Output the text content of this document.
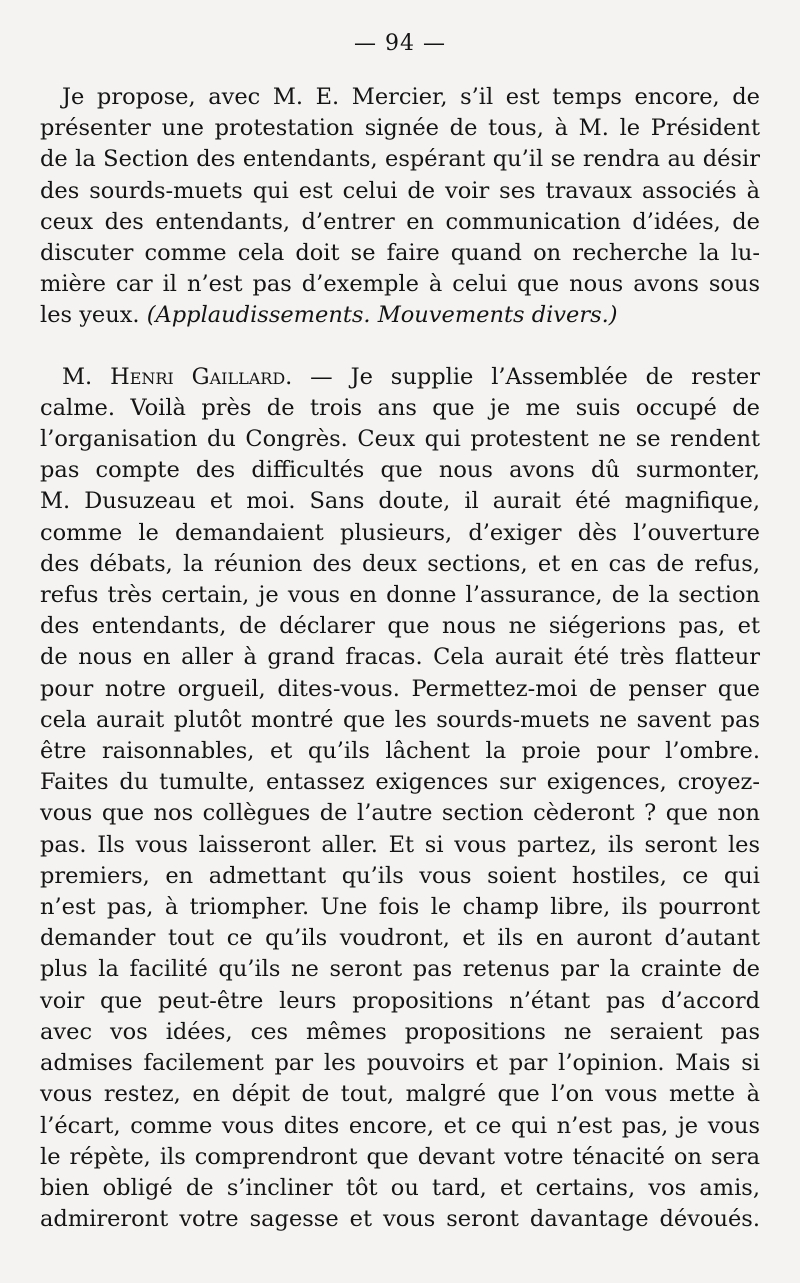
— 94 —
Je propose, avec M. E. Mercier, s’il est temps encore, de
présenter une protestation signée de tous, à M. le Président
de la Section des entendants, espérant qu’il se rendra au désir
des sourds-muets qui est celui de voir ses travaux associés à
ceux des entendants, d’entrer en communication d’idées, de
discuter comme cela doit se faire quand on recherche la lu-
mière car il n’est pas d’exemple à celui que nous avons sous
les yeux. (Applaudissements. Mouvements divers.)
M. Henri Gaillard. — Je supplie l’Assemblée de rester
calme. Voilà près de trois ans que je me suis occupé de
l’organisation du Congrès. Ceux qui protestent ne se rendent
pas compte des difficultés que nous avons dû surmonter,
M. Dusuzeau et moi. Sans doute, il aurait été magnifique,
comme le demandaient plusieurs, d’exiger dès l’ouverture
des débats, la réunion des deux sections, et en cas de refus,
refus très certain, je vous en donne l’assurance, de la section
des entendants, de déclarer que nous ne siégerions pas, et
de nous en aller à grand fracas. Cela aurait été très flatteur
pour notre orgueil, dites-vous. Permettez-moi de penser que
cela aurait plutôt montré que les sourds-muets ne savent pas
être raisonnables, et qu’ils lâchent la proie pour l’ombre.
Faites du tumulte, entassez exigences sur exigences, croyez-
vous que nos collègues de l’autre section cèderont ? que non
pas. Ils vous laisseront aller. Et si vous partez, ils seront les
premiers, en admettant qu’ils vous soient hostiles, ce qui
n’est pas, à triompher. Une fois le champ libre, ils pourront
demander tout ce qu’ils voudront, et ils en auront d’autant
plus la facilité qu’ils ne seront pas retenus par la crainte de
voir que peut-être leurs propositions n’étant pas d’accord
avec vos idées, ces mêmes propositions ne seraient pas
admises facilement par les pouvoirs et par l’opinion. Mais si
vous restez, en dépit de tout, malgré que l’on vous mette à
l’écart, comme vous dites encore, et ce qui n’est pas, je vous
le répète, ils comprendront que devant votre ténacité on sera
bien obligé de s’incliner tôt ou tard, et certains, vos amis,
admireront votre sagesse et vous seront davantage dévoués.
